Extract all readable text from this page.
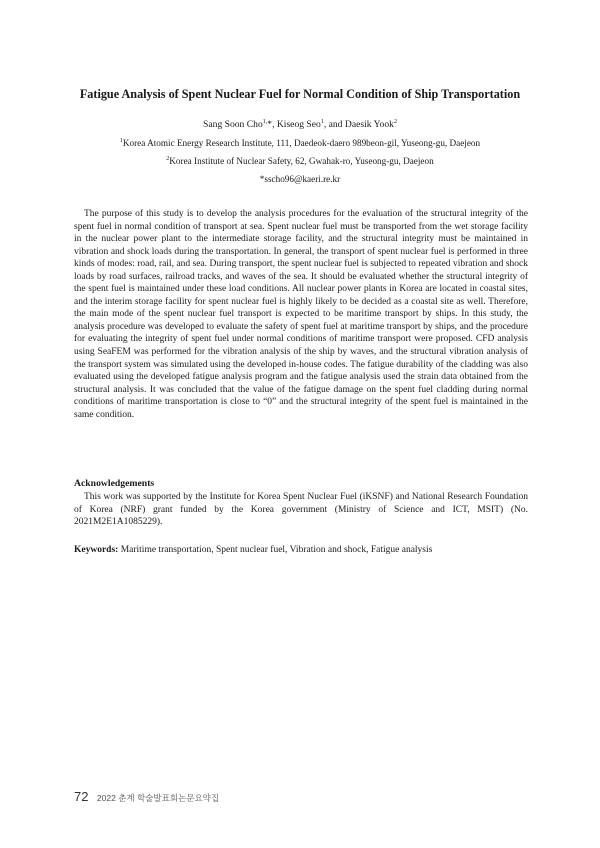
Fatigue Analysis of Spent Nuclear Fuel for Normal Condition of Ship Transportation
Sang Soon Cho$^{1,}$*, Kiseog Seo$^1$, and Daesik Yook$^2$
$^1$Korea Atomic Energy Research Institute, 111, Daedeok-daero 989beon-gil, Yuseong-gu, Daejeon
$^2$Korea Institute of Nuclear Safety, 62, Gwahak-ro, Yuseong-gu, Daejeon
*sscho96@kaeri.re.kr

The purpose of this study is to develop the analysis procedures for the evaluation of the structural integrity of the spent fuel in normal condition of transport at sea. Spent nuclear fuel must be transported from the wet storage facility in the nuclear power plant to the intermediate storage facility, and the structural integrity must be maintained in vibration and shock loads during the transportation. In general, the transport of spent nuclear fuel is performed in three kinds of modes: road, rail, and sea. During transport, the spent nuclear fuel is subjected to repeated vibration and shock loads by road surfaces, railroad tracks, and waves of the sea. It should be evaluated whether the structural integrity of the spent fuel is maintained under these load conditions. All nuclear power plants in Korea are located in coastal sites, and the interim storage facility for spent nuclear fuel is highly likely to be decided as a coastal site as well. Therefore, the main mode of the spent nuclear fuel transport is expected to be maritime transport by ships. In this study, the analysis procedure was developed to evaluate the safety of spent fuel at maritime transport by ships, and the procedure for evaluating the integrity of spent fuel under normal conditions of maritime transport were proposed. CFD analysis using SeaFEM was performed for the vibration analysis of the ship by waves, and the structural vibration analysis of the transport system was simulated using the developed in-house codes. The fatigue durability of the cladding was also evaluated using the developed fatigue analysis program and the fatigue analysis used the strain data obtained from the structural analysis. It was concluded that the value of the fatigue damage on the spent fuel cladding during normal conditions of maritime transportation is close to “0” and the structural integrity of the spent fuel is maintained in the same condition.

Acknowledgements

This work was supported by the Institute for Korea Spent Nuclear Fuel (iKSNF) and National Research Foundation of Korea (NRF) grant funded by the Korea government (Ministry of Science and ICT, MSIT) (No. 2021M2E1A1085229).

Keywords: Maritime transportation, Spent nuclear fuel, Vibration and shock, Fatigue analysis

72 2022 춘계 학술발표회논문요약집
